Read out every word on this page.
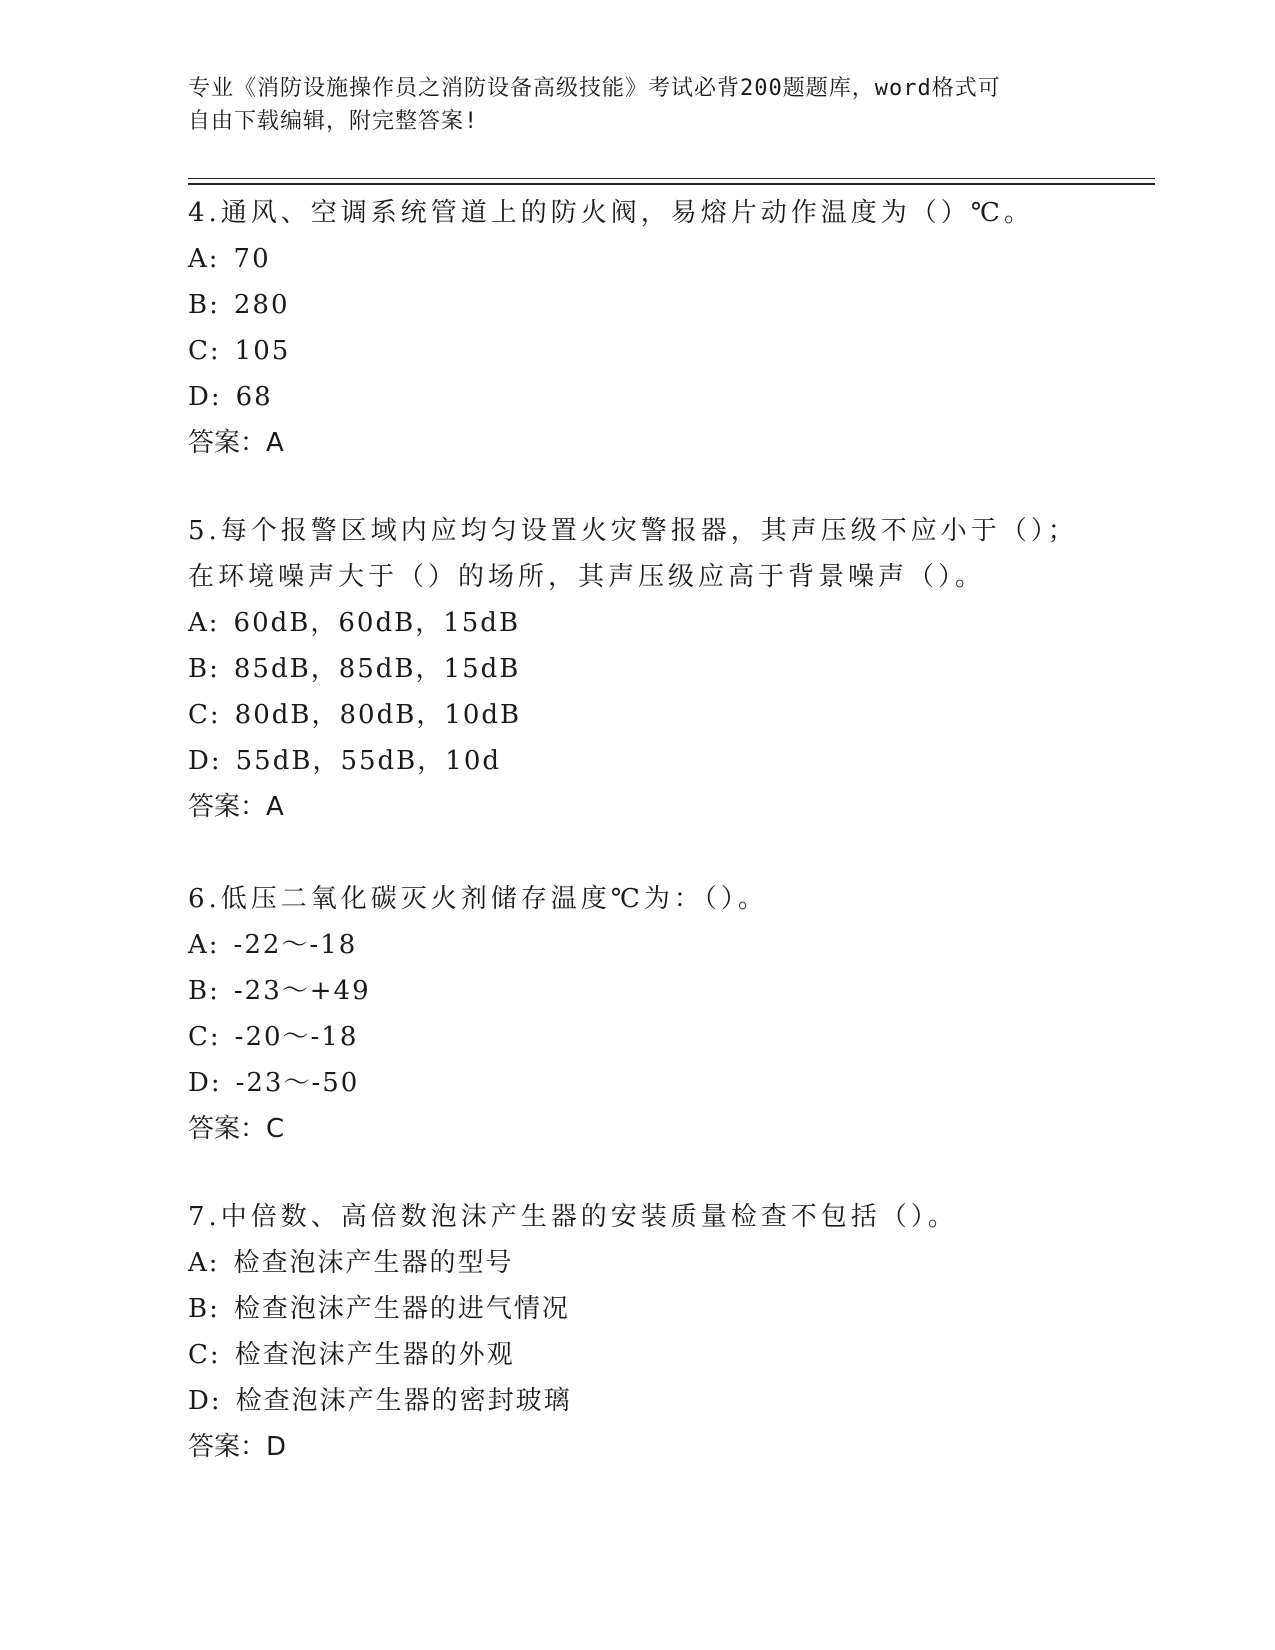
专业《消防设施操作员之消防设备高级技能》考试必背200题题库，word格式可
自由下载编辑，附完整答案!

4.通风、空调系统管道上的防火阀，易熔片动作温度为（）℃。

A: 70

B: 280

C: 105

D: 68

答案：A

5.每个报警区域内应均匀设置火灾警报器，其声压级不应小于（）；

在环境噪声大于（）的场所，其声压级应高于背景噪声（）。

A: 60dB，60dB，15dB

B: 85dB，85dB，15dB

C: 80dB，80dB，10dB

D: 55dB，55dB，10d

答案：A

6.低压二氧化碳灭火剂储存温度℃为：（）。

A: -22～-18

B: -23～+49

C: -20～-18

D: -23～-50

答案：C

7.中倍数、高倍数泡沫产生器的安装质量检查不包括（）。

A: 检查泡沫产生器的型号

B: 检查泡沫产生器的进气情况

C: 检查泡沫产生器的外观

D: 检查泡沫产生器的密封玻璃

答案：D
